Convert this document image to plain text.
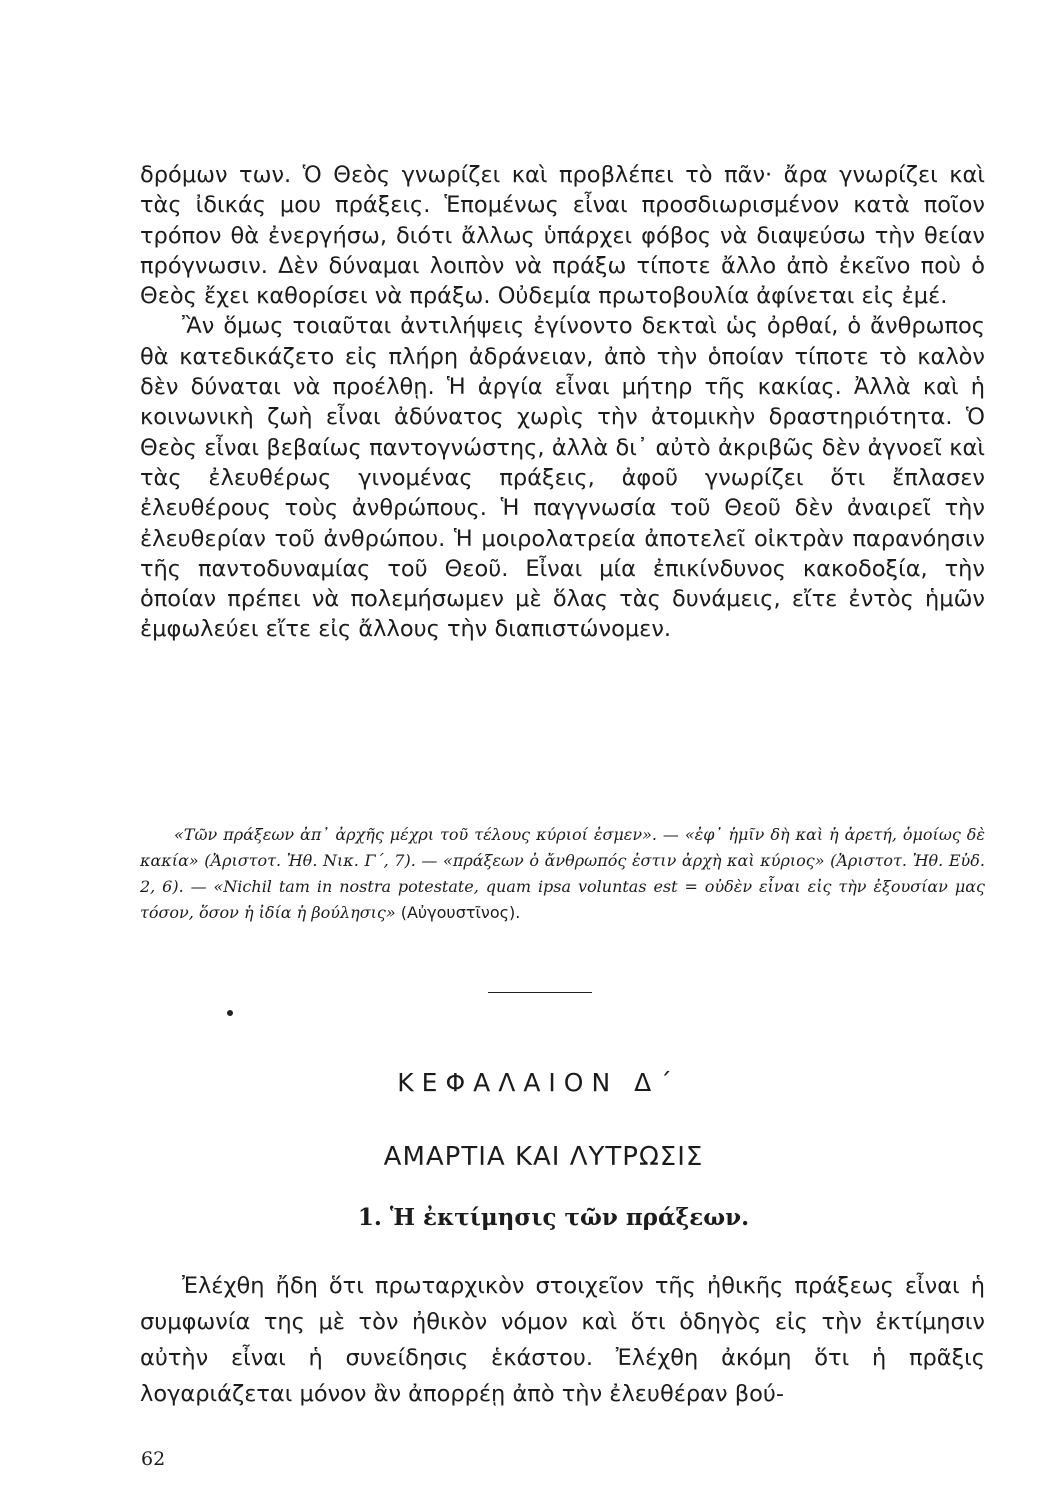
δρόμων των. Ὁ Θεὸς γνωρίζει καὶ προβλέπει τὸ πᾶν· ἄρα γνωρίζει καὶ τὰς ἰδικάς μου πράξεις. Ἑπομένως εἶναι προσδιωρισμένον κατὰ ποῖον τρόπον θὰ ἐνεργήσω, διότι ἄλλως ὑπάρχει φόβος νὰ διαψεύσω τὴν θείαν πρόγνωσιν. Δὲν δύναμαι λοιπὸν νὰ πράξω τίποτε ἄλλο ἀπὸ ἐκεῖνο ποὺ ὁ Θεὸς ἔχει καθορίσει νὰ πράξω. Οὐδεμία πρωτοβουλία ἀφίνεται εἰς ἐμέ.

Ἂν ὅμως τοιαῦται ἀντιλήψεις ἐγίνοντο δεκταὶ ὡς ὀρθαί, ὁ ἄνθρωπος θὰ κατεδικάζετο εἰς πλήρη ἀδράνειαν, ἀπὸ τὴν ὁποίαν τίποτε τὸ καλὸν δὲν δύναται νὰ προέλθῃ. Ἡ ἀργία εἶναι μήτηρ τῆς κακίας. Ἀλλὰ καὶ ἡ κοινωνικὴ ζωὴ εἶναι ἀδύνατος χωρὶς τὴν ἀτομικὴν δραστηριότητα. Ὁ Θεὸς εἶναι βεβαίως παντογνώστης, ἀλλὰ δι᾽ αὐτὸ ἀκριβῶς δὲν ἀγνοεῖ καὶ τὰς ἐλευθέρως γινομένας πράξεις, ἀφοῦ γνωρίζει ὅτι ἔπλασεν ἐλευθέρους τοὺς ἀνθρώπους. Ἡ παγγνωσία τοῦ Θεοῦ δὲν ἀναιρεῖ τὴν ἐλευθερίαν τοῦ ἀνθρώπου. Ἡ μοιρολατρεία ἀποτελεῖ οἰκτρὰν παρανόησιν τῆς παντοδυναμίας τοῦ Θεοῦ. Εἶναι μία ἐπικίνδυνος κακοδοξία, τὴν ὁποίαν πρέπει νὰ πολεμήσωμεν μὲ ὅλας τὰς δυνάμεις, εἴτε ἐντὸς ἡμῶν ἐμφωλεύει εἴτε εἰς ἄλλους τὴν διαπιστώνομεν.

«Τῶν πράξεων ἀπ᾽ ἀρχῆς μέχρι τοῦ τέλους κύριοί ἐσμεν». — «ἐφ᾽ ἡμῖν δὴ καὶ ἡ ἀρετή, ὁμοίως δὲ κακία» (Ἀριστοτ. Ἠθ. Νικ. Γ΄, 7). — «πράξεων ὁ ἄνθρωπός ἐστιν ἀρχὴ καὶ κύριος» (Ἀριστοτ. Ἠθ. Εὐδ. 2, 6). — «Nichil tam in nostra potestate, quam ipsa voluntas est = οὐδὲν εἶναι εἰς τὴν ἐξουσίαν μας τόσον, ὅσον ἡ ἰδία ἡ βούλησις» (Αὐγουστῖνος).
ΚΕΦΑΛΑΙΟΝ Δ΄
ΑΜΑΡΤΙΑ ΚΑΙ ΛΥΤΡΩΣΙΣ
1. Ἡ ἐκτίμησις τῶν πράξεων.
Ἐλέχθη ἤδη ὅτι πρωταρχικὸν στοιχεῖον τῆς ἠθικῆς πράξεως εἶναι ἡ συμφωνία της μὲ τὸν ἠθικὸν νόμον καὶ ὅτι ὁδηγὸς εἰς τὴν ἐκτίμησιν αὐτὴν εἶναι ἡ συνείδησις ἑκάστου. Ἐλέχθη ἀκόμη ὅτι ἡ πρᾶξις λογαριάζεται μόνον ἂν ἀπορρέῃ ἀπὸ τὴν ἐλευθέραν βού-
62
